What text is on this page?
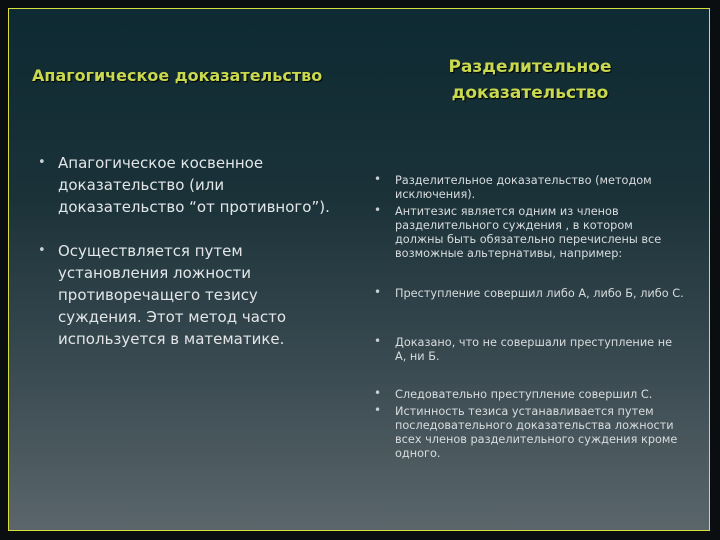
Апагогическое доказательство	Разделительное доказательство
• Апагогическое косвенное доказательство (или доказательство “от противного”).
• Осуществляется путем установления ложности противоречащего тезису суждения. Этот метод часто используется в математике.
• Разделительное доказательство (методом исключения).
• Антитезис является одним из членов разделительного суждения , в котором должны быть обязательно перечислены все возможные альтернативы, например:
• Преступление совершил либо А, либо Б, либо С.
• Доказано, что не совершали преступление не А, ни Б.
• Следовательно преступление совершил С.
• Истинность тезиса устанавливается путем последовательного доказательства ложности всех членов разделительного суждения кроме одного.
